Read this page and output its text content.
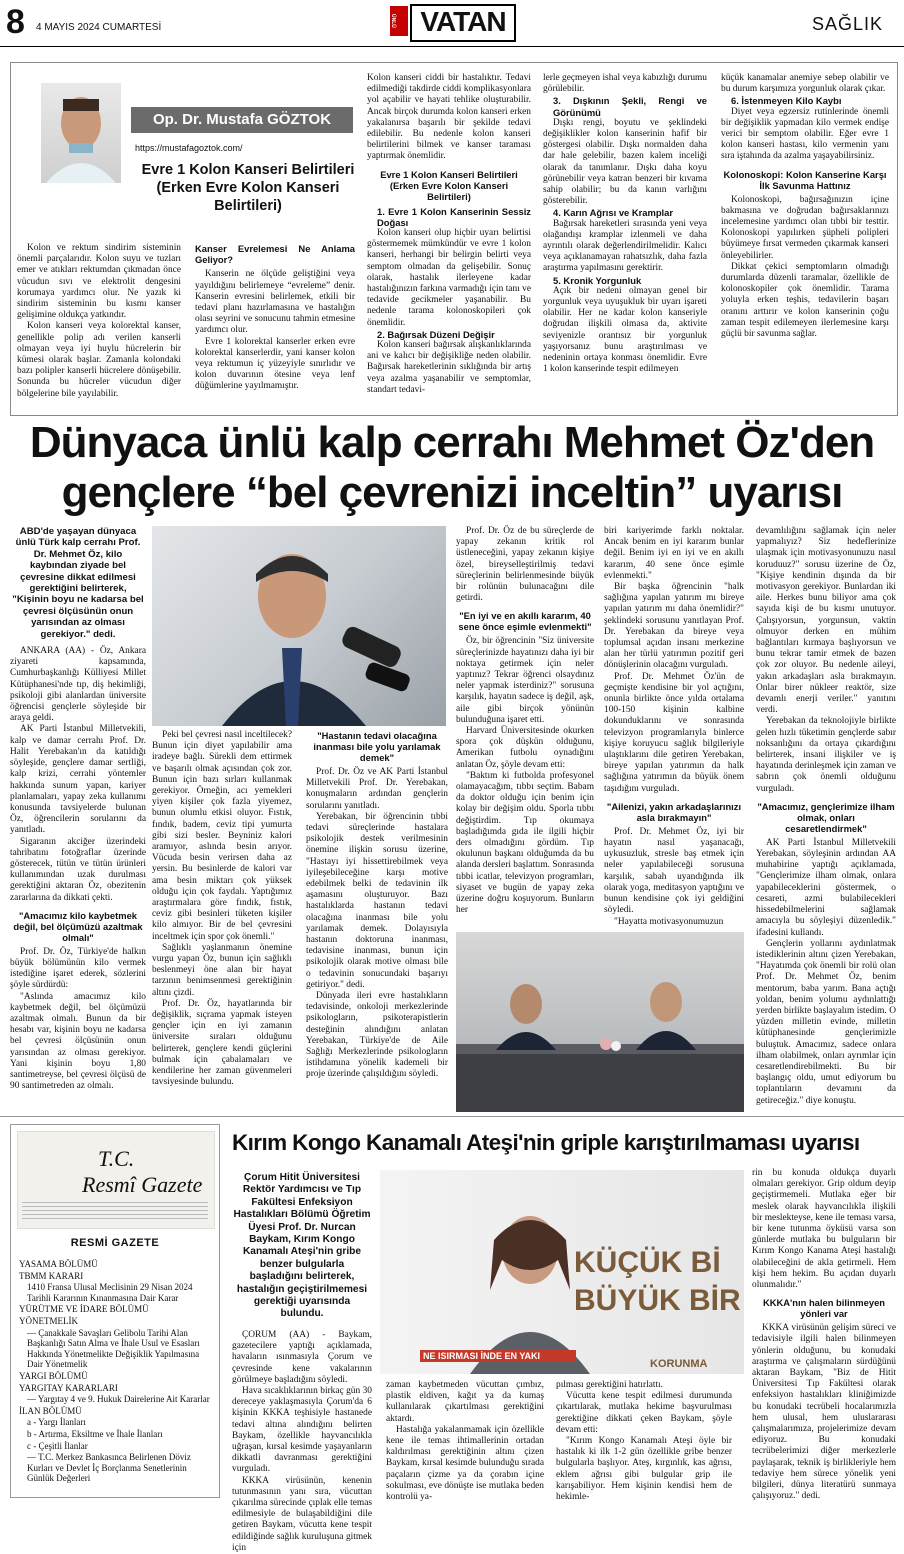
8 4 MAYIS 2024 CUMARTESİ	ÜNLÜ VATAN	SAĞLIK
Op. Dr. Mustafa GÖZTOK
https://mustafagoztok.com/
Evre 1 Kolon Kanseri Belirtileri (Erken Evre Kolon Kanseri Belirtileri)

Kolon ve rektum sindirim sisteminin önemli parçalarıdır. Kolon suyu ve tuzları emer ve atıkları rektumdan çıkmadan önce vücudun sıvı ve elektrolit dengesini korumaya yardımcı olur. Ne yazık ki sindirim sisteminin bu kısmı kanser gelişimine oldukça yatkındır.

Kolon kanseri veya kolorektal kanser, genellikle polip adı verilen kanserli olmayan veya iyi huylu hücrelerin bir kümesi olarak başlar. Zamanla kolondaki bazı polipler kanserli hücrelere dönüşebilir. Sonunda bu hücreler vücudun diğer bölgelerine bile yayılabilir.

Kanser Evrelemesi Ne Anlama Geliyor?

Kanserin ne ölçüde geliştiğini veya yayıldığını belirlemeye “evreleme” denir. Kanserin evresini belirlemek, etkili bir tedavi planı hazırlamasına ve hastalığın olası seyrini ve sonucunu tahmin etmesine yardımcı olur.

Evre 1 kolorektal kanserler erken evre kolorektal kanserlerdir, yani kanser kolon veya rektumun iç yüzeyiyle sınırlıdır ve kolon duvarının ötesine veya lenf düğümlerine yayılmamıştır.

Kolon kanseri ciddi bir hastalıktır. Tedavi edilmediği takdirde ciddi komplikasyonlara yol açabilir ve hayati tehlike oluşturabilir. Ancak birçok durumda kolon kanseri erken yakalanırsa başarılı bir şekilde tedavi edilebilir. Bu nedenle kolon kanseri belirtilerini bilmek ve kanser taraması yaptırmak önemlidir.

Evre 1 Kolon Kanseri Belirtileri (Erken Evre Kolon Kanseri Belirtileri)
1. Evre 1 Kolon Kanserinin Sessiz Doğası

Kolon kanseri olup hiçbir uyarı belirtisi göstermemek mümkündür ve evre 1 kolon kanseri, herhangi bir belirgin belirti veya semptom olmadan da gelişebilir. Sonuç olarak, hastalık ilerleyene kadar hastalığınızın farkına varmadığı için tanı ve tedavide gecikmeler yaşanabilir. Bu nedenle tarama kolonoskopileri çok önemlidir.

2. Bağırsak Düzeni Değişir

Kolon kanseri bağırsak alışkanlıklarında ani ve kalıcı bir değişikliğe neden olabilir. Bağırsak hareketlerinin sıklığında bir artış veya azalma yaşanabilir ve semptomlar, standart tedavi-

lerle geçmeyen ishal veya kabızlığı durumu görülebilir.

3. Dışkının Şekli, Rengi ve Görünümü

Dışkı rengi, boyutu ve şeklindeki değişiklikler kolon kanserinin hafif bir göstergesi olabilir. Dışkı normalden daha dar hale gelebilir, bazen kalem inceliği olarak da tanımlanır. Dışkı daha koyu görünebilir veya katran benzeri bir kıvama sahip olabilir; bu da kanın varlığını gösterebilir.

4. Karın Ağrısı ve Kramplar

Bağırsak hareketleri sırasında yeni veya olağandışı kramplar izlenmeli ve daha ayrıntılı olarak değerlendirilmelidir. Kalıcı veya açıklanamayan rahatsızlık, daha fazla araştırma yapılmasını gerektirir.

5. Kronik Yorgunluk

Açık bir nedeni olmayan genel bir yorgunluk veya uyuşukluk bir uyarı işareti olabilir. Her ne kadar kolon kanseriyle doğrudan ilişkili olmasa da, aktivite seviyenizle orantısız bir yorgunluk yaşıyorsanız bunu araştırılması ve nedeninin ortaya konması önemlidir. Evre 1 kolon kanserinde tespit edilmeyen

küçük kanamalar anemiye sebep olabilir ve bu durum karşımıza yorgunluk olarak çıkar.

6. İstenmeyen Kilo Kaybı

Diyet veya egzersiz rutinlerinde önemli bir değişiklik yapmadan kilo vermek endişe verici bir semptom olabilir. Eğer evre 1 kolon kanseri hastası, kilo vermenin yanı sıra iştahında da azalma yaşayabilirsiniz.

Kolonoskopi: Kolon Kanserine Karşı İlk Savunma Hattınız

Kolonoskopi, bağırsağınızın içine bakmasına ve doğrudan bağırsaklarınızı incelemesine yardımcı olan tıbbi bir testtir. Kolonoskopi yapılırken şüpheli polipleri büyümeye fırsat vermeden çıkarmak kanseri önleyebilirler.

Dikkat çekici semptomların olmadığı durumlarda düzenli taramalar, özellikle de kolonoskopiler çok önemlidir. Tarama yoluyla erken teşhis, tedavilerin başarı oranını arttırır ve kolon kanserinin çoğu zaman tespit edilemeyen ilerlemesine karşı güçlü bir savunma sağlar.

Dünyaca ünlü kalp cerrahı Mehmet Öz'den
gençlere “bel çevrenizi inceltin” uyarısı
ABD'de yaşayan dünyaca ünlü Türk kalp cerrahı Prof. Dr. Mehmet Öz, kilo kaybından ziyade bel çevresine dikkat edilmesi gerektiğini belirterek, "Kişinin boyu ne kadarsa bel çevresi ölçüsünün onun yarısından az olması gerekiyor." dedi.

ANKARA (AA) - Öz, Ankara ziyareti kapsamında, Cumhurbaşkanlığı Külliyesi Millet Kütüphanesi'nde tıp, diş hekimliği, psikoloji gibi alanlardan üniversite öğrencisi gençlerle söyleşide bir araya geldi.

AK Parti İstanbul Milletvekili, kalp ve damar cerrahı Prof. Dr. Halit Yerebakan'ın da katıldığı söyleşide, gençlere damar sertliği, kalp krizi, cerrahi yöntemler hakkında sunum yapan, kariyer planlamaları, yapay zeka kullanımı konusunda tavsiyelerde bulunan Öz, öğrencilerin sorularını da yanıtladı.

Sigaranın akciğer üzerindeki tahribatını fotoğraflar üzerinde gösterecek, tütün ve tütün ürünleri kullanımından uzak durulması gerektiğini aktaran Öz, obezitenin zararlarına da dikkati çekti.

"Amacımız kilo kaybetmek değil, bel ölçümüzü azaltmak olmalı"

Prof. Dr. Öz, Türkiye'de halkın büyük bölümünün kilo vermek istediğine işaret ederek, sözlerini şöyle sürdürdü:

"Aslında amacımız kilo kaybetmek değil, bel ölçümüzü azaltmak olmalı. Bunun da bir hesabı var, kişinin boyu ne kadarsa bel çevresi ölçüsünün onun yarısından az olması gerekiyor. Yani kişinin boyu 1,80 santimetreyse, bel çevresi ölçüsü de 90 santimetreden az olmalı.

Peki bel çevresi nasıl inceltilecek? Bunun için diyet yapılabilir ama iradeye bağlı. Sürekli dem ettirmek ve başarılı olmak açısından çok zor. Bunun için bazı sırları kullanmak gerekiyor. Örneğin, acı yemekleri yiyen kişiler çok fazla yiyemez, bunun olumlu etkisi oluyor. Fıstık, fındık, badem, ceviz tipi yumurta gibi sizi besler. Beyniniz kalori aramıyor, aslında besin arıyor. Vücuda besin verirsen daha az yersin. Bu besinlerde de kalori var ama besin miktarı çok yüksek olduğu için çok faydalı. Yaptığımız araştırmalara göre fındık, fıstık, ceviz gibi besinleri tüketen kişiler kilo almıyor. Bir de bel çevresini inceltmek için spor çok önemli."

Sağlıklı yaşlanmanın önemine vurgu yapan Öz, bunun için sağlıklı beslenmeyi öne alan bir hayat tarzının benimsenmesi gerektiğinin altını çizdi.

Prof. Dr. Öz, hayatlarında bir değişiklik, sıçrama yapmak isteyen gençler için en iyi zamanın üniversite sıraları olduğunu belirterek, gençlere kendi güçlerini bulmak için çabalamaları ve kendilerine her zaman güvenmeleri tavsiyesinde bulundu.

"Hastanın tedavi olacağına inanması bile yolu yarılamak demek"

Prof. Dr. Öz ve AK Parti İstanbul Milletvekili Prof. Dr. Yerebakan, konuşmaların ardından gençlerin sorularını yanıtladı.

Yerebakan, bir öğrencinin tıbbi tedavi süreçlerinde hastalara psikolojik destek verilmesinin önemine ilişkin sorusu üzerine, "Hastayı iyi hissettirebilmek veya iyileşebileceğine karşı motive edebilmek belki de tedavinin ilk aşamasını oluşturuyor. Bazı hastalıklarda hastanın tedavi olacağına inanması bile yolu yarılamak demek. Dolayısıyla hastanın doktoruna inanması, tedavisine inanması, bunun için psikolojik olarak motive olması bile o tedavinin sonucundaki başarıyı getiriyor." dedi.

Dünyada ileri evre hastalıkların tedavisinde, onkoloji merkezlerinde psikologların, psikoterapistlerin desteğinin alındığını anlatan Yerebakan, Türkiye'de de Aile Sağlığı Merkezlerinde psikologların istihdamına yönelik kademeli bir proje üzerinde çalışıldığını söyledi.

Prof. Dr. Öz de bu süreçlerde de yapay zekanın kritik rol üstleneceğini, yapay zekanın kişiye özel, bireyselleştirilmiş tedavi süreçlerinin belirlenmesinde büyük bir rolünün bulunacağını dile getirdi.

"En iyi ve en akıllı kararım, 40 sene önce eşimle evlenmekti"

Öz, bir öğrencinin "Siz üniversite süreçlerinizde hayatınızı daha iyi bir noktaya getirmek için neler yaptınız? Tekrar öğrenci olsaydınız neler yapmak isterdiniz?" sorusuna karşılık, hayatın sadece iş değil, aşk, aile gibi birçok yönünün bulunduğuna işaret etti.

Harvard Üniversitesinde okurken spora çok düşkün olduğunu, Amerikan futbolu oynadığını anlatan Öz, şöyle devam etti:

"Baktım ki futbolda profesyonel olamayacağım, tıbbı seçtim. Babam da doktor olduğu için benim için kolay bir değişim oldu. Sporla tıbbı değiştirdim. Tıp okumaya başladığımda gıda ile ilgili hiçbir ders olmadığını gördüm. Tıp okulunun başkanı olduğumda da bu alanda dersleri başlattım. Sonrasında tıbbi icatlar, televizyon programları, siyaset ve bugün de yapay zeka üzerine doğru koşuyorum. Bunların her

biri kariyerimde farklı noktalar. Ancak benim en iyi kararım bunlar değil. Benim iyi en iyi ve en akıllı kararım, 40 sene önce eşimle evlenmekti."

Bir başka öğrencinin "halk sağlığına yapılan yatırım mı bireye yapılan yatırım mı daha önemlidir?" şeklindeki sorusunu yanıtlayan Prof. Dr. Yerebakan da bireye veya toplumsal açıdan insanı merkezine alan her türlü yatırımın pozitif geri dönüşlerinin olacağını vurguladı.

Prof. Dr. Mehmet Öz'ün de geçmişte kendisine bir yol açtığını, onunla birlikte önce yılda ortalama 100-150 kişinin kalbine dokunduklarını ve sonrasında televizyon programlarıyla binlerce kişiye koruyucu sağlık bilgileriyle ulaştıklarını dile getiren Yerebakan, bireye yapılan yatırımın da halk sağlığına yatırımın da büyük önem taşıdığını vurguladı.

"Ailenizi, yakın arkadaşlarınızı asla bırakmayın"

Prof. Dr. Mehmet Öz, iyi bir hayatın nasıl yaşanacağı, uykusuzluk, stresle baş etmek için neler yapılabileceği sorusuna karşılık, sabah uyandığında ilk olarak yoga, meditasyon yaptığını ve bunun kendisine çok iyi geldiğini söyledi.

"Hayatta motivasyonumuzun

devamlılığını sağlamak için neler yapmalıyız? Siz hedeflerinize ulaşmak için motivasyonunuzu nasıl koruduuz?" sorusu üzerine de Öz, "Kişiye kendinin dışında da bir motivasyon gerekiyor. Bunlardan iki aile. Herkes bunu biliyor ama çok sayıda kişi de bu kısmı unutuyor. Çalışıyorsun, yorgunsun, vaktin olmuyor derken en mühim bağlantıları kırmaya başlıyorsun ve bunu tekrar tamir etmek de bazen çok zor oluyor. Bu nedenle aileyi, yakın arkadaşları asla bırakmayın. Onlar birer nükleer reaktör, size devamlı enerji veriler." yanıtını verdi.

Yerebakan da teknolojiyle birlikte gelen hızlı tüketimin gençlerde sabır noksanlığını da ortaya çıkardığını belirterek, insani ilişkiler ve iş hayatında derinleşmek için zaman ve sabrın çok önemli olduğunu vurguladı.

"Amacımız, gençlerimize ilham olmak, onları cesaretlendirmek"

AK Parti İstanbul Milletvekili Yerebakan, söyleşinin ardından AA muhabirine yaptığı açıklamada, "Gençlerimize ilham olmak, onlara yapabileceklerini göstermek, o cesareti, azmi bulabilecekleri hissedebilmelerini sağlamak amacıyla bu söyleşiyi düzenledik." ifadesini kullandı.

Gençlerin yollarını aydınlatmak istediklerinin altını çizen Yerebakan, "Hayatımda çok önemli bir rolü olan Prof. Dr. Mehmet Öz, benim mentorum, baba yarım. Bana açtığı yoldan, benim yolumu aydınlattığı yerden birlikte başlayalım istedim. O yüzden milletin evinde, milletin kütüphanesinde gençlerimizle buluştuk. Amacımız, sadece onlara ilham olabilmek, onları ayrımlar için cesaretlendirebilmekti. Bu bir başlangıç oldu, umut ediyorum bu toplantıların devamını da getireceğiz." diye konuştu.

T.C.
Resmî Gazete
RESMİ GAZETE
YASAMA BÖLÜMÜ
TBMM KARARI
1410 Fransa Ulusal Meclisinin 29 Nisan 2024 Tarihli Kararının Kınanmasına Dair Karar
YÜRÜTME VE İDARE BÖLÜMÜ
YÖNETMELİK
— Çanakkale Savaşları Gelibolu Tarihi Alan Başkanlığı Satın Alma ve İhale Usul ve Esasları Hakkında Yönetmelikte Değişiklik Yapılmasına Dair Yönetmelik
YARGI BÖLÜMÜ
YARGITAY KARARLARI
— Yargıtay 4 ve 9. Hukuk Dairelerine Ait Kararlar
İLAN BÖLÜMÜ
a - Yargı İlanları
b - Artırma, Eksiltme ve İhale İlanları
c - Çeşitli İlanlar
— T.C. Merkez Bankasınca Belirlenen Döviz Kurları ve Devlet İç Borçlanma Senetlerinin Günlük Değerleri
Kırım Kongo Kanamalı Ateşi'nin griple karıştırılmaması uyarısı
Çorum Hitit Üniversitesi Rektör Yardımcısı ve Tıp Fakültesi Enfeksiyon Hastalıkları Bölümü Öğretim Üyesi Prof. Dr. Nurcan Baykam, Kırım Kongo Kanamalı Ateşi'nin gribe benzer bulgularla başladığını belirterek, hastalığın geçiştirilmemesi gerektiği uyarısında bulundu.

ÇORUM (AA) - Baykam, gazetecilere yaptığı açıklamada, havaların ısınmasıyla Çorum ve çevresinde kene vakalarının görülmeye başladığını söyledi.

Hava sıcaklıklarının birkaç gün 30 dereceye yaklaşmasıyla Çorum'da 6 kişinin KKKA teşhisiyle hastanede tedavi altına alındığını belirten Baykam, özellikle hayvancılıkla uğraşan, kırsal kesimde yaşayanların dikkatli davranması gerektiğini vurguladı.

KKKA virüsünün, kenenin tutunmasının yanı sıra, vücuttan çıkarılma sürecinde çıplak elle temas edilmesiyle de bulaşabildiğini dile getiren Baykam, vücutta kene tespit edildiğinde sağlık kuruluşuna gitmek için

KÜÇÜK Bİ
BÜYÜK BİR
NE ISIRMASI İNDE EN YAKI
KORUNMA

zaman kaybetmeden vücuttan çımbız, plastik eldiven, kağıt ya da kumaş kullanılarak çıkartılması gerektiğini aktardı.

Hastalığa yakalanmamak için özellikle kene ile temas ihtimallerinin ortadan kaldırılması gerektiğinin altını çizen Baykam, kırsal kesimde bulunduğu sırada paçaların çizme ya da çorabın içine sokulması, eve dönüşte ise mutlaka beden kontrolü ya-

pılması gerektiğini hatırlattı.

Vücutta kene tespit edilmesi durumunda çıkartılarak, mutlaka hekime başvurulması gerektiğine dikkati çeken Baykam, şöyle devam etti:

"Kırım Kongo Kanamalı Ateşi öyle bir hastalık ki ilk 1-2 gün özellikle gribe benzer bulgularla başlıyor. Ateş, kırgınlık, kas ağrısı, eklem ağrısı gibi bulgular grip ile karışabiliyor. Hem kişinin kendisi hem de hekimle-

rin bu konuda oldukça duyarlı olmaları gerekiyor. Grip oldum deyip geçiştirmemeli. Mutlaka eğer bir meslek olarak hayvancılıkla ilişkili bir meslekteyse, kene ile teması varsa, bir kene tutunma öyküsü varsa son günlerde mutlaka bu bulguların bir Kırım Kongo Kanama Ateşi hastalığı olabileceğini de akla getirmeli. Hem kişi hem hekim. Bu açıdan duyarlı olunmalıdır."

KKKA'nın halen bilinmeyen yönleri var

KKKA virüsünün gelişim süreci ve tedavisiyle ilgili halen bilinmeyen yönlerin olduğunu, bu konudaki araştırma ve çalışmaların sürdüğünü aktaran Baykam, "Biz de Hitit Üniversitesi Tıp Fakültesi olarak enfeksiyon hastalıkları kliniğimizde bu konudaki tecrübeli hocalarımızla hem ulusal, hem uluslararası çalışmalarımıza, projelerimize devam ediyoruz. Bu konudaki tecrübelerimizi diğer merkezlerle paylaşarak, teknik iş birlikleriyle hem tedaviye hem sürece yönelik yeni bilgileri, dünya literatürü sunmaya çalışıyoruz." dedi.
